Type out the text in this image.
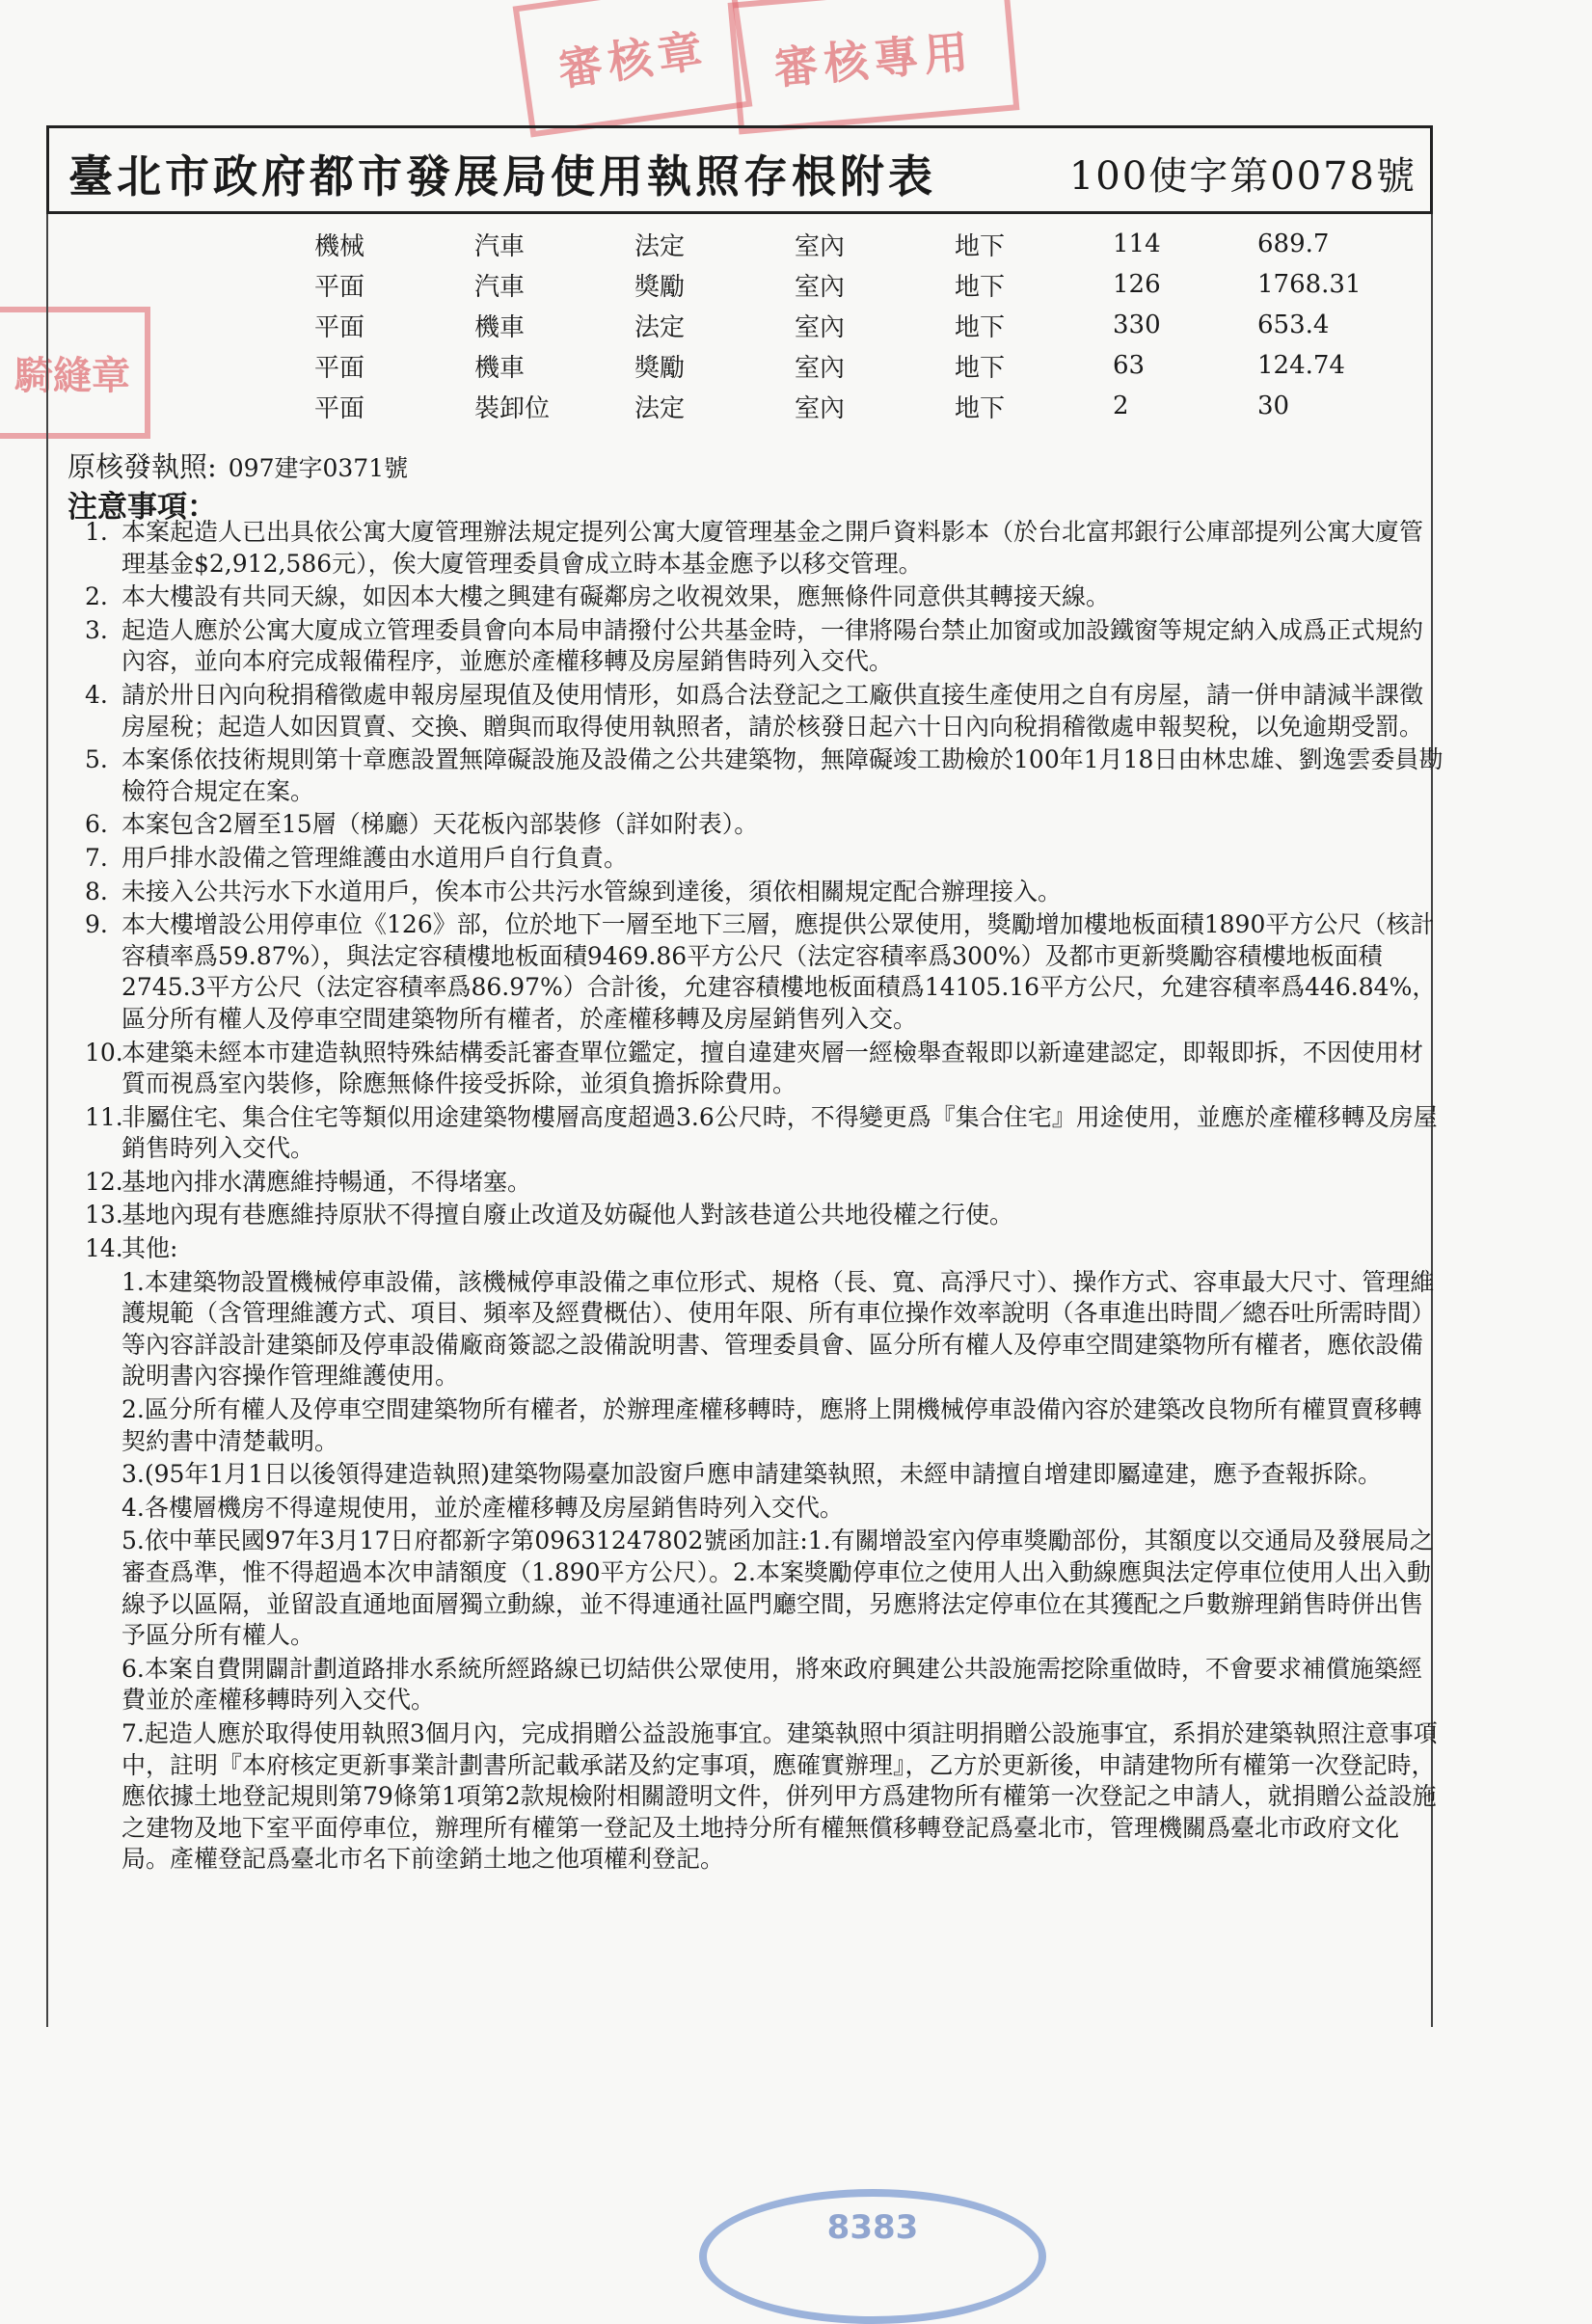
審核章	審核專用
騎縫章
8383
臺北市政府都市發展局使用執照存根附表	100使字第0078號
機械	汽車	法定	室內	地下	114	689.7
平面	汽車	獎勵	室內	地下	126	1768.31
平面	機車	法定	室內	地下	330	653.4
平面	機車	獎勵	室內	地下	63	124.74
平面	裝卸位	法定	室內	地下	2	30
原核發執照: 097建字0371號
注意事項：
1. 本案起造人已出具依公寓大廈管理辦法規定提列公寓大廈管理基金之開戶資料影本（於台北富邦銀行公庫部提列公寓大廈管理基金$2,912,586元），俟大廈管理委員會成立時本基金應予以移交管理。
2. 本大樓設有共同天線，如因本大樓之興建有礙鄰房之收視效果，應無條件同意供其轉接天線。
3. 起造人應於公寓大廈成立管理委員會向本局申請撥付公共基金時，一律將陽台禁止加窗或加設鐵窗等規定納入成爲正式規約內容，並向本府完成報備程序，並應於產權移轉及房屋銷售時列入交代。
4. 請於卅日內向稅捐稽徵處申報房屋現值及使用情形，如爲合法登記之工廠供直接生產使用之自有房屋，請一併申請減半課徵房屋稅；起造人如因買賣、交換、贈與而取得使用執照者，請於核發日起六十日內向稅捐稽徵處申報契稅，以免逾期受罰。
5. 本案係依技術規則第十章應設置無障礙設施及設備之公共建築物，無障礙竣工勘檢於100年1月18日由林忠雄、劉逸雲委員勘檢符合規定在案。
6. 本案包含2層至15層（梯廳）天花板內部裝修（詳如附表）。
7. 用戶排水設備之管理維護由水道用戶自行負責。
8. 未接入公共污水下水道用戶，俟本市公共污水管線到達後，須依相關規定配合辦理接入。
9. 本大樓增設公用停車位《126》部，位於地下一層至地下三層，應提供公眾使用，獎勵增加樓地板面積1890平方公尺（核計容積率爲59.87%），與法定容積樓地板面積9469.86平方公尺（法定容積率爲300%）及都市更新獎勵容積樓地板面積2745.3平方公尺（法定容積率爲86.97%）合計後，允建容積樓地板面積爲14105.16平方公尺，允建容積率爲446.84%，區分所有權人及停車空間建築物所有權者，於產權移轉及房屋銷售列入交。
10.
本建築未經本市建造執照特殊結構委託審查單位鑑定，擅自違建夾層一經檢舉查報即以新違建認定，即報即拆，不因使用材質而視爲室內裝修，除應無條件接受拆除，並須負擔拆除費用。
11.
非屬住宅、集合住宅等類似用途建築物樓層高度超過3.6公尺時，不得變更爲『集合住宅』用途使用，並應於產權移轉及房屋銷售時列入交代。
12.
基地內排水溝應維持暢通，不得堵塞。
13.
基地內現有巷應維持原狀不得擅自廢止改道及妨礙他人對該巷道公共地役權之行使。
14.
其他:

1.本建築物設置機械停車設備，該機械停車設備之車位形式、規格（長、寬、高淨尺寸）、操作方式、容車最大尺寸、管理維護規範（含管理維護方式、項目、頻率及經費概估）、使用年限、所有車位操作效率說明（各車進出時間／總吞吐所需時間）等內容詳設計建築師及停車設備廠商簽認之設備說明書、管理委員會、區分所有權人及停車空間建築物所有權者，應依設備說明書內容操作管理維護使用。

2.區分所有權人及停車空間建築物所有權者，於辦理產權移轉時，應將上開機械停車設備內容於建築改良物所有權買賣移轉契約書中清楚載明。

3.(95年1月1日以後領得建造執照)建築物陽臺加設窗戶應申請建築執照，未經申請擅自增建即屬違建，應予查報拆除。

4.各樓層機房不得違規使用，並於產權移轉及房屋銷售時列入交代。

5.依中華民國97年3月17日府都新字第09631247802號函加註:1.有關增設室內停車獎勵部份，其額度以交通局及發展局之審查爲準，惟不得超過本次申請額度（1.890平方公尺）。2.本案獎勵停車位之使用人出入動線應與法定停車位使用人出入動線予以區隔，並留設直通地面層獨立動線，並不得連通社區門廳空間，另應將法定停車位在其獲配之戶數辦理銷售時併出售予區分所有權人。

6.本案自費開闢計劃道路排水系統所經路線已切結供公眾使用，將來政府興建公共設施需挖除重做時，不會要求補償施築經費並於產權移轉時列入交代。

7.起造人應於取得使用執照3個月內，完成捐贈公益設施事宜。建築執照中須註明捐贈公設施事宜，系捐於建築執照注意事項中，註明『本府核定更新事業計劃書所記載承諾及約定事項，應確實辦理』，乙方於更新後，申請建物所有權第一次登記時，應依據土地登記規則第79條第1項第2款規檢附相關證明文件，併列甲方爲建物所有權第一次登記之申請人，就捐贈公益設施之建物及地下室平面停車位，辦理所有權第一登記及土地持分所有權無償移轉登記爲臺北市，管理機關爲臺北市政府文化局。產權登記爲臺北市名下前塗銷土地之他項權利登記。
